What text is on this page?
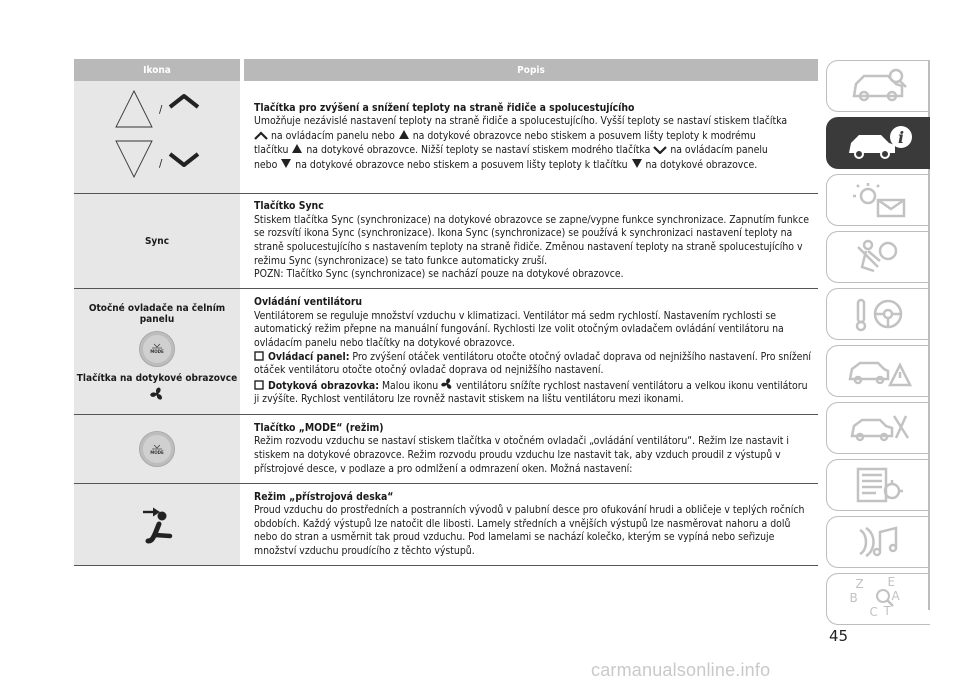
Ikona	Popis
/
/

Tlačítka pro zvýšení a snížení teploty na straně řidiče a spolucestujícího

Umožňuje nezávislé nastavení teploty na straně řidiče a spolucestujícího. Vyšší teploty se nastaví stiskem tlačítka

na ovládacím panelu nebo na dotykové obrazovce nebo stiskem a posuvem lišty teploty k modrému

tlačítku na dotykové obrazovce. Nižší teploty se nastaví stiskem modrého tlačítka na ovládacím panelu

nebo na dotykové obrazovce nebo stiskem a posuvem lišty teploty k tlačítku na dotykové obrazovce.

Sync

Tlačítko Sync

Stiskem tlačítka Sync (synchronizace) na dotykové obrazovce se zapne/vypne funkce synchronizace. Zapnutím funkce se rozsvítí ikona Sync (synchronizace). Ikona Sync (synchronizace) se používá k synchronizaci nastavení teploty na straně spolucestujícího s nastavením teploty na straně řidiče. Změnou nastavení teploty na straně spolucestujícího v režimu Sync (synchronizace) se tato funkce automaticky zruší.

POZN: Tlačítko Sync (synchronizace) se nachází pouze na dotykové obrazovce.

Otočné ovladače na čelním panelu
MODE
Tlačítka na dotykové obrazovce

Ovládání ventilátoru

Ventilátorem se reguluje množství vzduchu v klimatizaci. Ventilátor má sedm rychlostí. Nastavením rychlosti se automatický režim přepne na manuální fungování. Rychlosti lze volit otočným ovladačem ovládání ventilátoru na ovládacím panelu nebo tlačítky na dotykové obrazovce.

Ovládací panel: Pro zvýšení otáček ventilátoru otočte otočný ovladač doprava od nejnižšího nastavení. Pro snížení otáček ventilátoru otočte otočný ovladač doprava od nejnižšího nastavení.

Dotyková obrazovka: Malou ikonu ventilátoru snížíte rychlost nastavení ventilátoru a velkou ikonu ventilátoru ji zvýšíte. Rychlost ventilátoru lze rovněž nastavit stiskem na lištu ventilátoru mezi ikonami.

MODE

Tlačítko „MODE“ (režim)

Režim rozvodu vzduchu se nastaví stiskem tlačítka v otočném ovladači „ovládání ventilátoru“. Režim lze nastavit i stiskem na dotykové obrazovce. Režim rozvodu proudu vzduchu lze nastavit tak, aby vzduch proudil z výstupů v přístrojové desce, v podlaze a pro odmlžení a odmrazení oken. Možná nastavení:

Režim „přístrojová deska“

Proud vzduchu do prostředních a postranních vývodů v palubní desce pro ofukování hrudi a obličeje v teplých ročních obdobích. Každý výstupů lze natočit dle libosti. Lamely středních a vnějších výstupů lze nasměrovat nahoru a dolů nebo do stran a usměrnit tak proud vzduchu. Pod lamelami se nachází kolečko, kterým se vypíná nebo seřizuje množství vzduchu proudícího z těchto výstupů.

i
Z E
B	A
C T
45
carmanualsonline.info
